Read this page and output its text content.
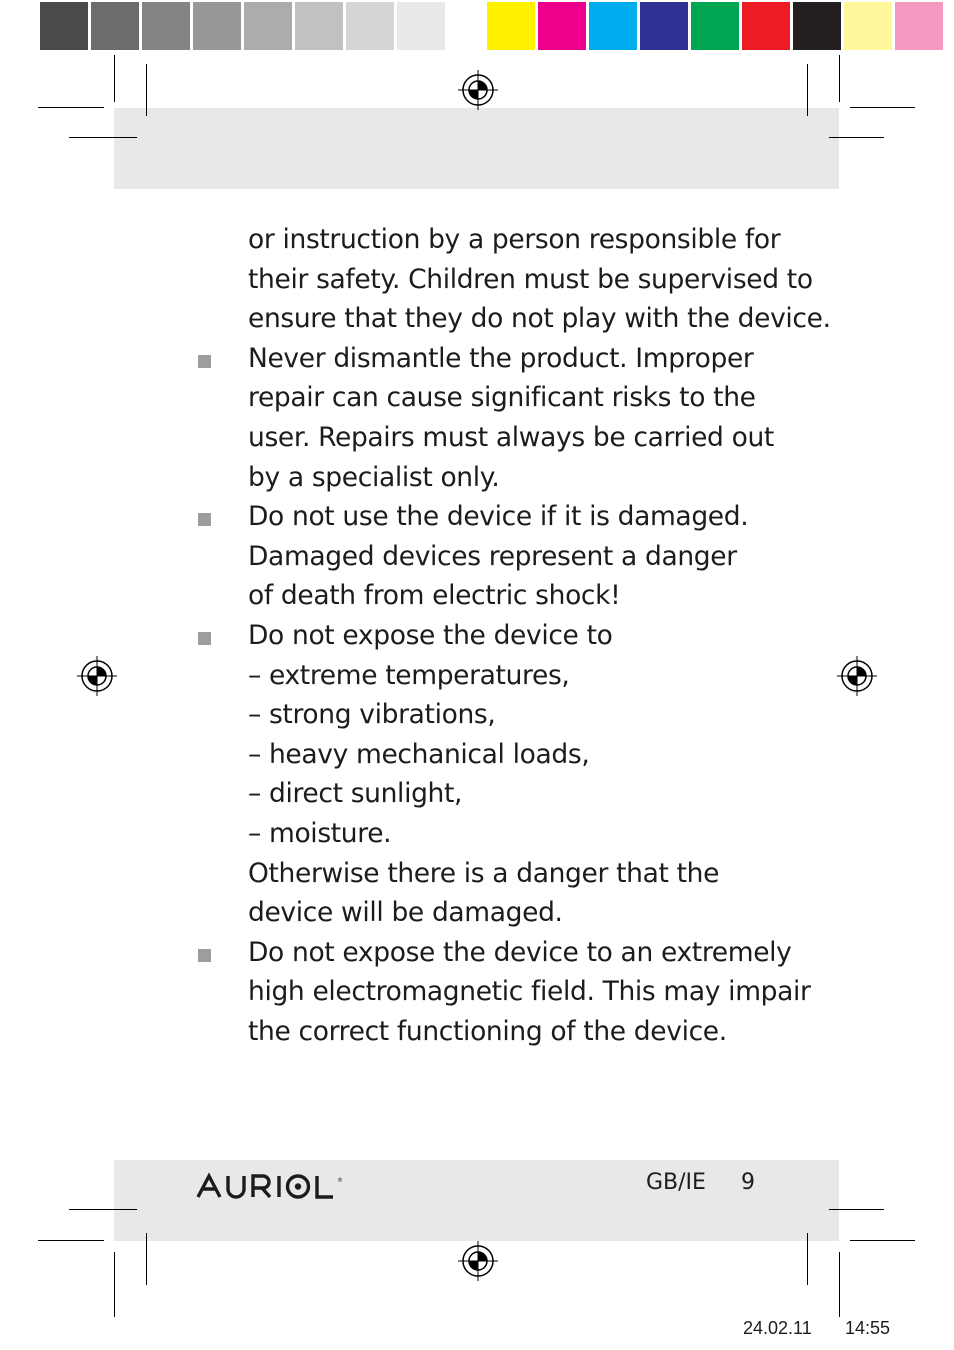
or instruction by a person responsible for
their safety. Children must be supervised to
ensure that they do not play with the device.
Never dismantle the product. Improper
repair can cause significant risks to the
user. Repairs must always be carried out
by a specialist only.
Do not use the device if it is damaged.
Damaged devices represent a danger
of death from electric shock!
Do not expose the device to
– extreme temperatures,
– strong vibrations,
– heavy mechanical loads,
– direct sunlight,
– moisture.
Otherwise there is a danger that the
device will be damaged.
Do not expose the device to an extremely
high electromagnetic field. This may impair
the correct functioning of the device.
®	GB/IE 9
24.02.11 14:55
